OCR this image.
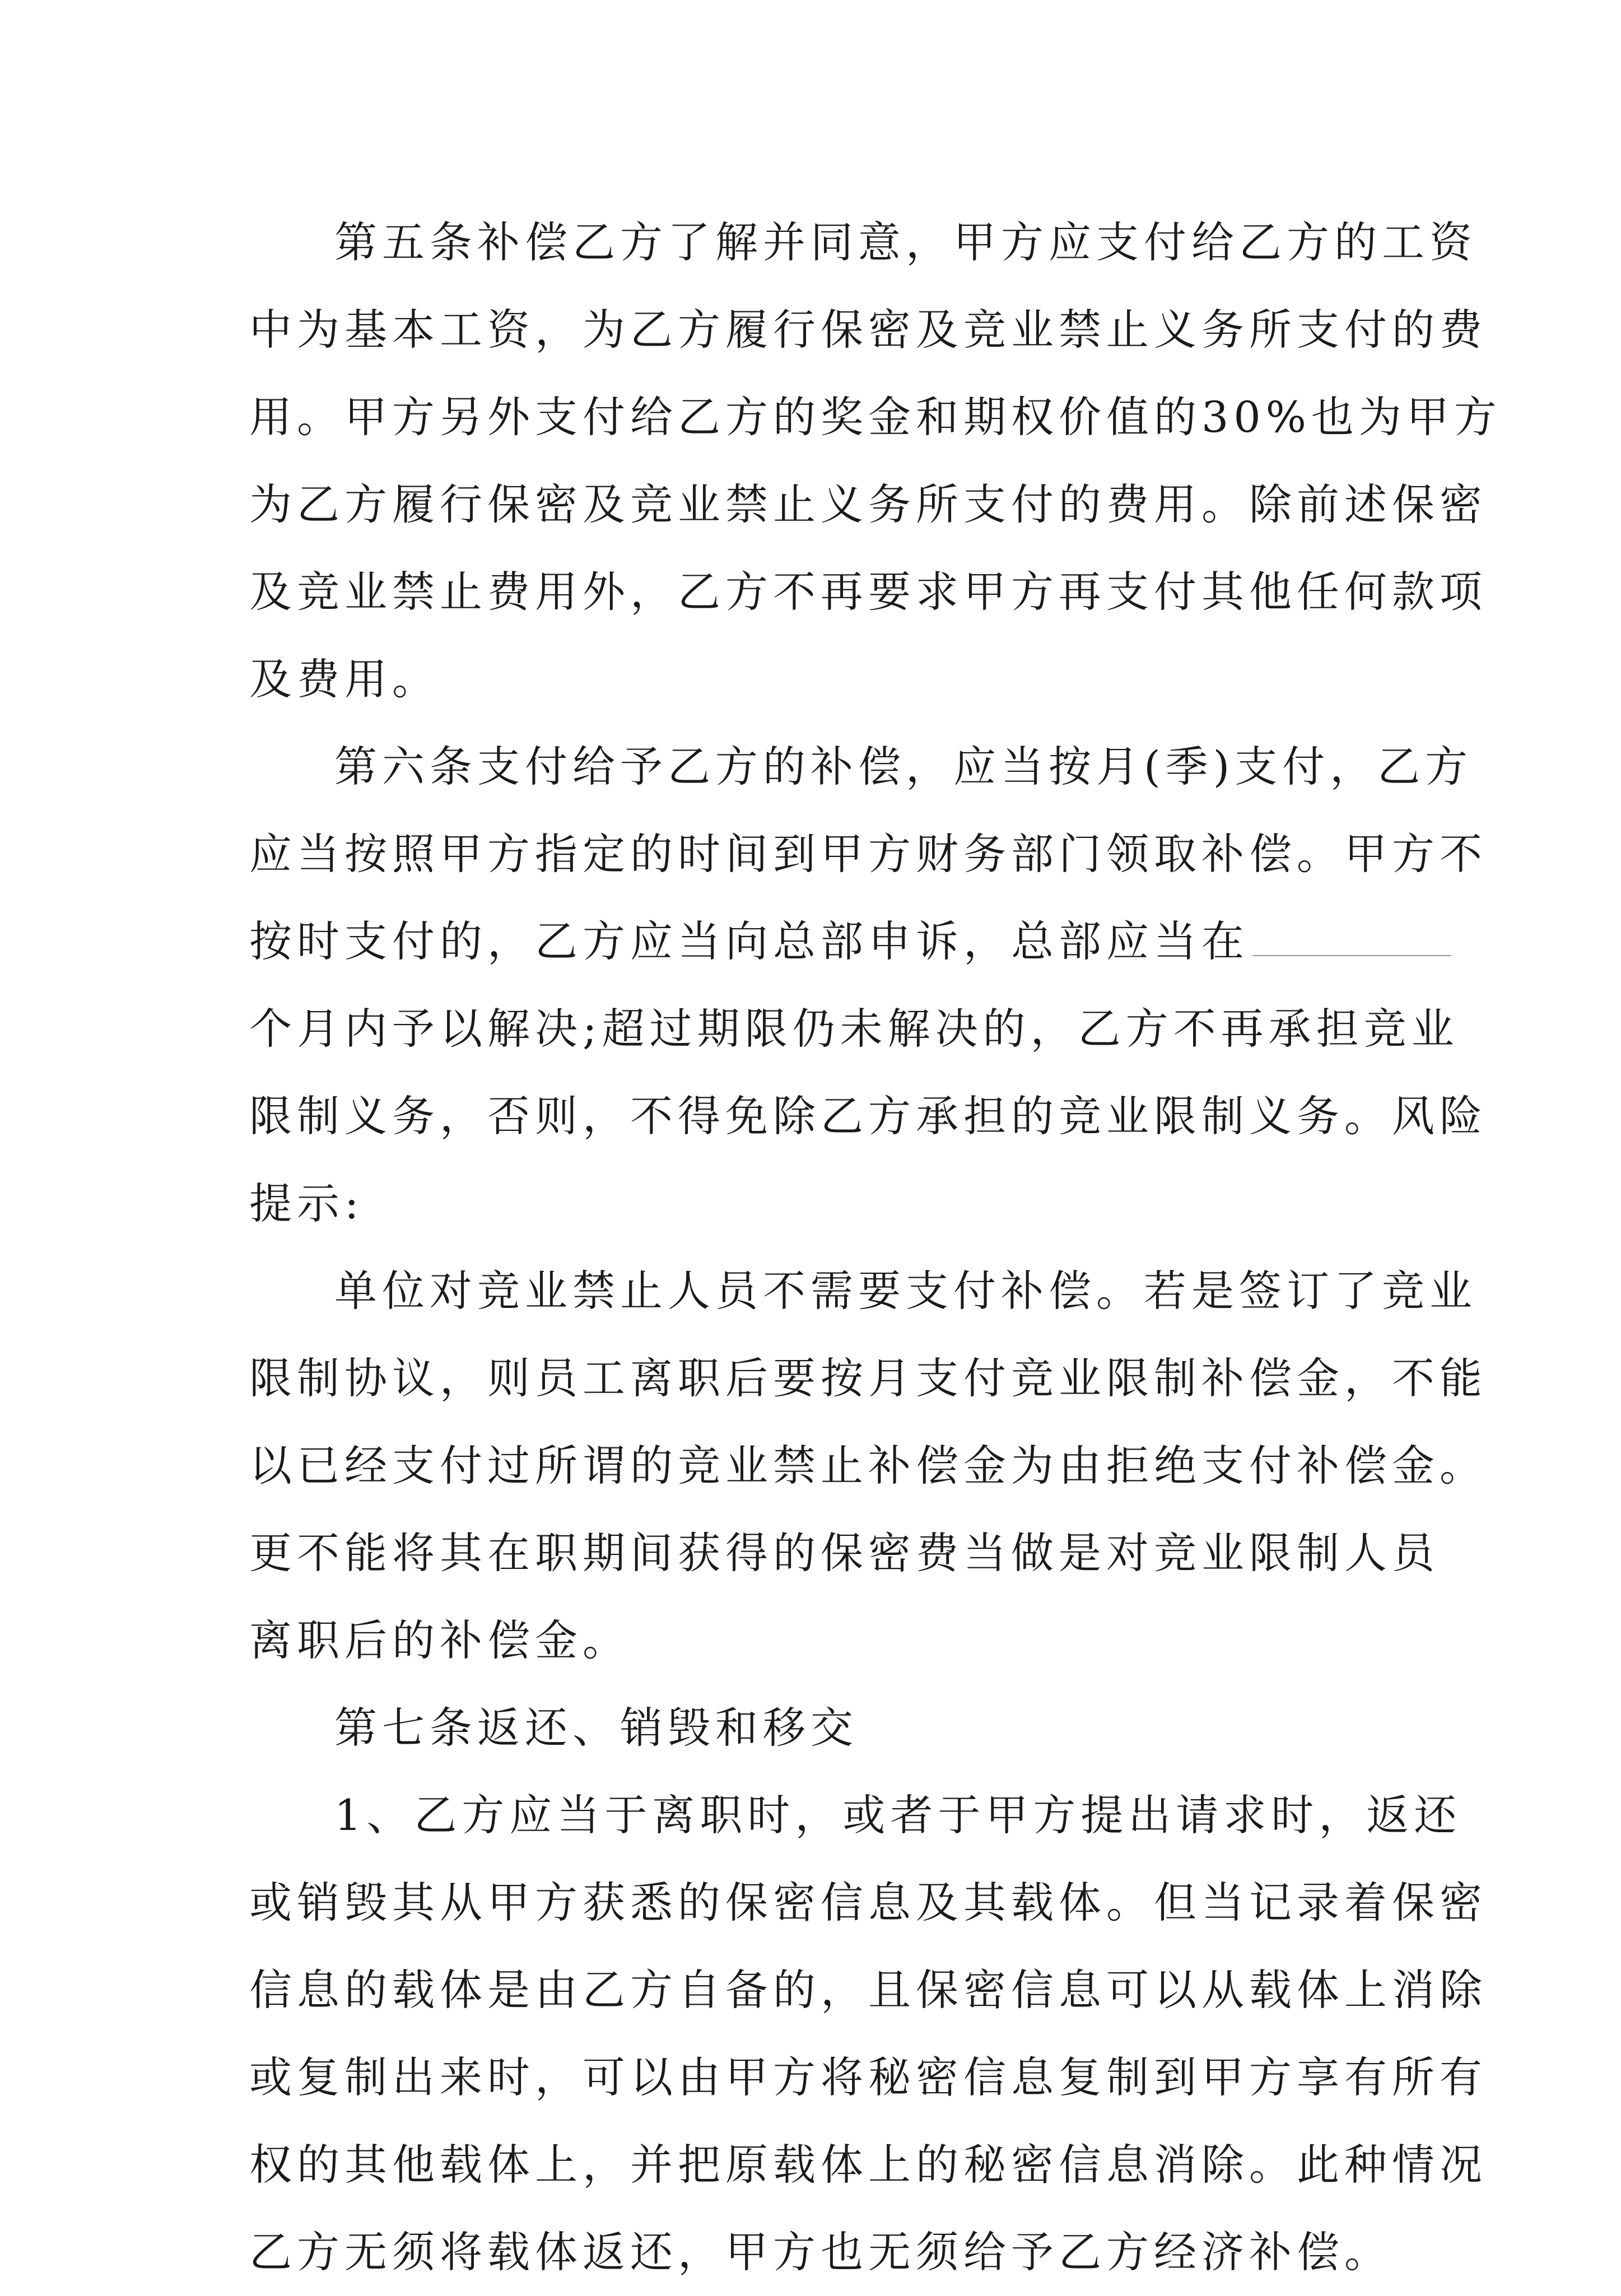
第五条补偿乙方了解并同意，甲方应支付给乙方的工资
中为基本工资，为乙方履行保密及竞业禁止义务所支付的费
用。甲方另外支付给乙方的奖金和期权价值的30%也为甲方
为乙方履行保密及竞业禁止义务所支付的费用。除前述保密
及竞业禁止费用外，乙方不再要求甲方再支付其他任何款项
及费用。
第六条支付给予乙方的补偿，应当按月(季)支付，乙方
应当按照甲方指定的时间到甲方财务部门领取补偿。甲方不
按时支付的，乙方应当向总部申诉，总部应当在
个月内予以解决;超过期限仍未解决的，乙方不再承担竞业
限制义务，否则，不得免除乙方承担的竞业限制义务。风险
提示:
单位对竞业禁止人员不需要支付补偿。若是签订了竞业
限制协议，则员工离职后要按月支付竞业限制补偿金，不能
以已经支付过所谓的竞业禁止补偿金为由拒绝支付补偿金。
更不能将其在职期间获得的保密费当做是对竞业限制人员
离职后的补偿金。
第七条返还、销毁和移交
1、乙方应当于离职时，或者于甲方提出请求时，返还
或销毁其从甲方获悉的保密信息及其载体。但当记录着保密
信息的载体是由乙方自备的，且保密信息可以从载体上消除
或复制出来时，可以由甲方将秘密信息复制到甲方享有所有
权的其他载体上，并把原载体上的秘密信息消除。此种情况
乙方无须将载体返还，甲方也无须给予乙方经济补偿。
